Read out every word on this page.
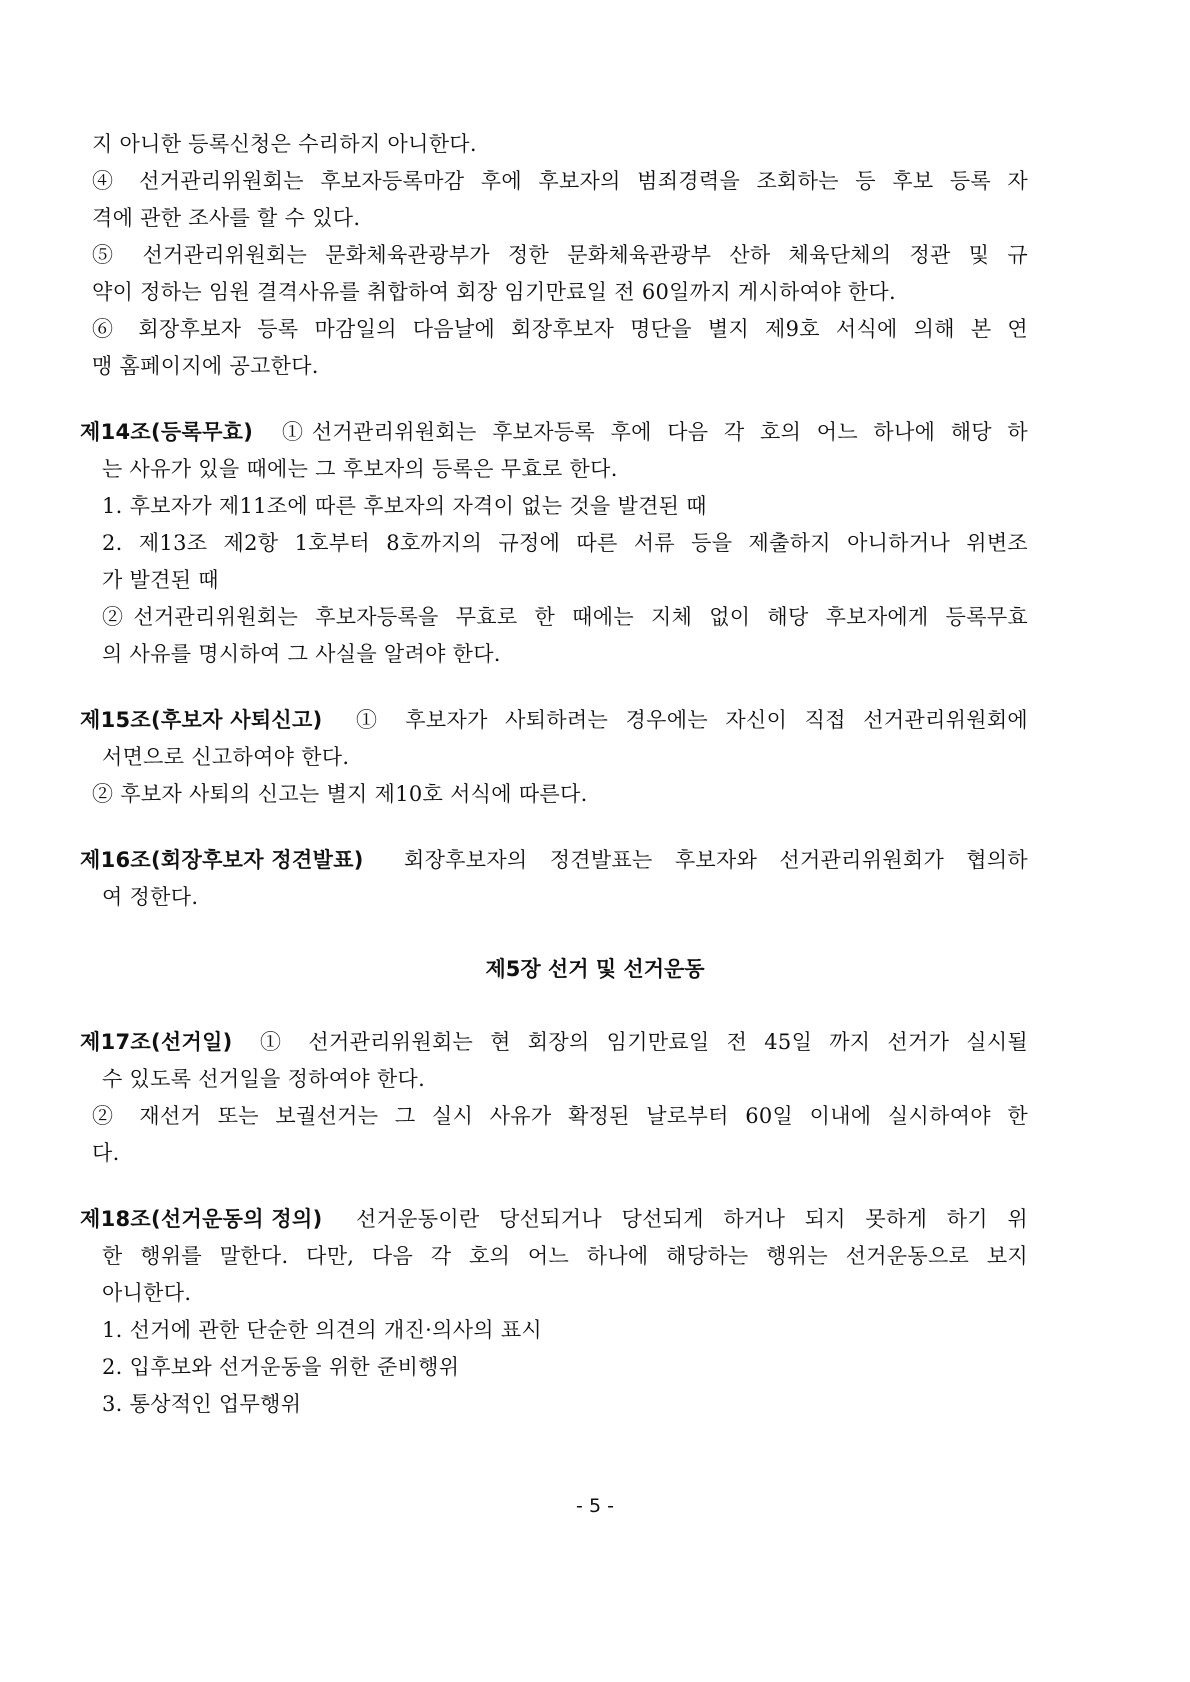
지 아니한 등록신청은 수리하지 아니한다.
④ 선거관리위원회는 후보자등록마감 후에 후보자의 범죄경력을 조회하는 등 후보 등록 자
격에 관한 조사를 할 수 있다.
⑤ 선거관리위원회는 문화체육관광부가 정한 문화체육관광부 산하 체육단체의 정관 및 규
약이 정하는 임원 결격사유를 취합하여 회장 임기만료일 전 60일까지 게시하여야 한다.
⑥ 회장후보자 등록 마감일의 다음날에 회장후보자 명단을 별지 제9호 서식에 의해 본 연
맹 홈페이지에 공고한다.
제14조(등록무효) ①선거관리위원회는 후보자등록 후에 다음 각 호의 어느 하나에 해당 하
는 사유가 있을 때에는 그 후보자의 등록은 무효로 한다.
1. 후보자가 제11조에 따른 후보자의 자격이 없는 것을 발견된 때
2. 제13조 제2항 1호부터 8호까지의 규정에 따른 서류 등을 제출하지 아니하거나 위변조
가 발견된 때
②선거관리위원회는 후보자등록을 무효로 한 때에는 지체 없이 해당 후보자에게 등록무효
의 사유를 명시하여 그 사실을 알려야 한다.
제15조(후보자 사퇴신고) ① 후보자가 사퇴하려는 경우에는 자신이 직접 선거관리위원회에
서면으로 신고하여야 한다.
② 후보자 사퇴의 신고는 별지 제10호 서식에 따른다.
제16조(회장후보자 정견발표) 회장후보자의 정견발표는 후보자와 선거관리위원회가 협의하
여 정한다.
제5장 선거 및 선거운동
제17조(선거일) ① 선거관리위원회는 현 회장의 임기만료일 전 45일 까지 선거가 실시될
수 있도록 선거일을 정하여야 한다.
② 재선거 또는 보궐선거는 그 실시 사유가 확정된 날로부터 60일 이내에 실시하여야 한
다.
제18조(선거운동의 정의) 선거운동이란 당선되거나 당선되게 하거나 되지 못하게 하기 위
한 행위를 말한다. 다만, 다음 각 호의 어느 하나에 해당하는 행위는 선거운동으로 보지
아니한다.
1. 선거에 관한 단순한 의견의 개진·의사의 표시
2. 입후보와 선거운동을 위한 준비행위
3. 통상적인 업무행위
- 5 -
